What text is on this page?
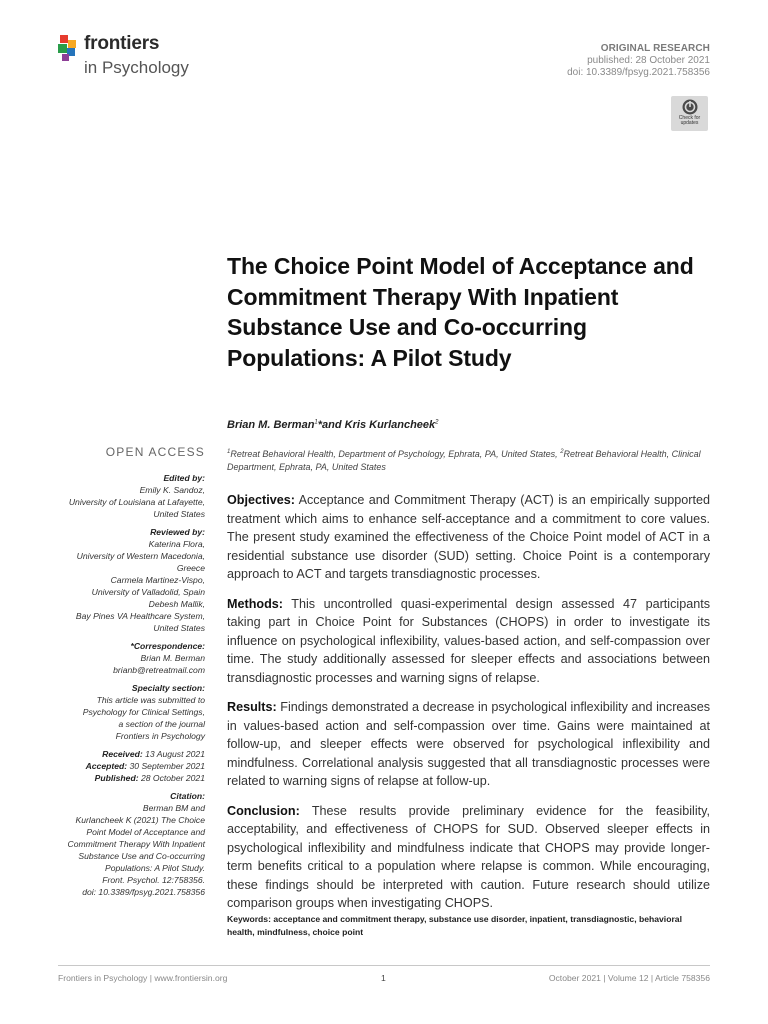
frontiers
in Psychology
ORIGINAL RESEARCH
published: 28 October 2021
doi: 10.3389/fpsyg.2021.758356
Check for
updates
The Choice Point Model of Acceptance and Commitment Therapy With Inpatient Substance Use and Co-occurring Populations: A Pilot Study
Brian M. Berman$^1$*and Kris Kurlancheek$^2$
$^1$Retreat Behavioral Health, Department of Psychology, Ephrata, PA, United States, $^2$Retreat Behavioral Health, Clinical Department, Ephrata, PA, United States
OPEN ACCESS
Edited by:
Emily K. Sandoz,
University of Louisiana at Lafayette,
United States
Reviewed by:
Katerina Flora,
University of Western Macedonia,
Greece
Carmela Martinez-Vispo,
University of Valladolid, Spain
Debesh Mallik,
Bay Pines VA Healthcare System,
United States
*Correspondence:
Brian M. Berman
brianb@retreatmail.com
Specialty section:
This article was submitted to
Psychology for Clinical Settings,
a section of the journal
Frontiers in Psychology
Received: 13 August 2021
Accepted: 30 September 2021
Published: 28 October 2021
Citation:
Berman BM and
Kurlancheek K (2021) The Choice
Point Model of Acceptance and
Commitment Therapy With Inpatient
Substance Use and Co-occurring
Populations: A Pilot Study.
Front. Psychol. 12:758356.
doi: 10.3389/fpsyg.2021.758356

Objectives: Acceptance and Commitment Therapy (ACT) is an empirically supported treatment which aims to enhance self-acceptance and a commitment to core values. The present study examined the effectiveness of the Choice Point model of ACT in a residential substance use disorder (SUD) setting. Choice Point is a contemporary approach to ACT and targets transdiagnostic processes.

Methods: This uncontrolled quasi-experimental design assessed 47 participants taking part in Choice Point for Substances (CHOPS) in order to investigate its influence on psychological inflexibility, values-based action, and self-compassion over time. The study additionally assessed for sleeper effects and associations between transdiagnostic processes and warning signs of relapse.

Results: Findings demonstrated a decrease in psychological inflexibility and increases in values-based action and self-compassion over time. Gains were maintained at follow-up, and sleeper effects were observed for psychological inflexibility and mindfulness. Correlational analysis suggested that all transdiagnostic processes were related to warning signs of relapse at follow-up.

Conclusion: These results provide preliminary evidence for the feasibility, acceptability, and effectiveness of CHOPS for SUD. Observed sleeper effects in psychological inflexibility and mindfulness indicate that CHOPS may provide longer-term benefits critical to a population where relapse is common. While encouraging, these findings should be interpreted with caution. Future research should utilize comparison groups when investigating CHOPS.

Keywords: acceptance and commitment therapy, substance use disorder, inpatient, transdiagnostic, behavioral health, mindfulness, choice point
Frontiers in Psychology | www.frontiersin.org	1	October 2021 | Volume 12 | Article 758356
